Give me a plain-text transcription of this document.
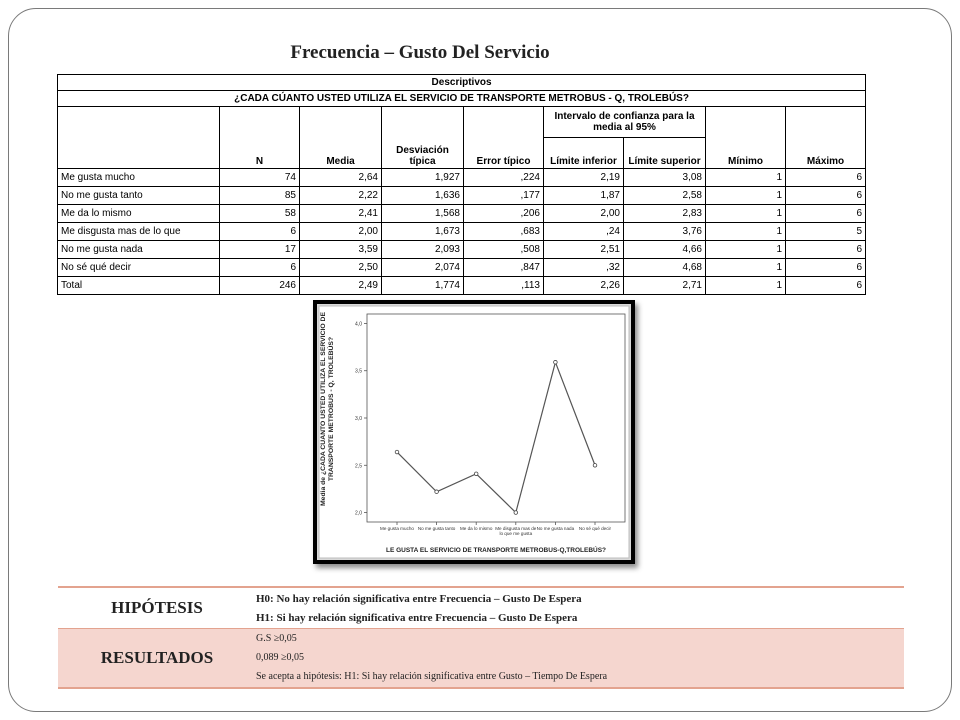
Frecuencia – Gusto Del Servicio
Descriptivos								
¿CADA CÚANTO USTED UTILIZA EL SERVICIO DE TRANSPORTE METROBUS - Q, TROLEBÚS?								
	N	Media	Desviación típica	Error típico	Intervalo de confianza para la media al 95%		Mínimo	Máximo
					Límite inferior	Límite superior		
Me gusta mucho	74	2,64	1,927	,224	2,19	3,08	1	6
No me gusta tanto	85	2,22	1,636	,177	1,87	2,58	1	6
Me da lo mismo	58	2,41	1,568	,206	2,00	2,83	1	6
Me disgusta mas de lo que	6	2,00	1,673	,683	,24	3,76	1	5
No me gusta nada	17	3,59	2,093	,508	2,51	4,66	1	6
No sé qué decir	6	2,50	2,074	,847	,32	4,68	1	6
Total	246	2,49	1,774	,113	2,26	2,71	1	6
2,0
2,5
3,0
3,5
4,0
Me gusta mucho No me gusta tanto	Me da lo mismo Me disgusta mas de lo que me gusta
No me gusta nada	No sé qué decir
LE GUSTA EL SERVICIO DE TRANSPORTE METROBUS-Q,TROLEBÚS?
Media de ¿CADA CÚANTO USTED UTILIZA EL SERVICIO DE TRANSPORTE METROBUS - Q, TROLEBÚS?
HIPÓTESIS	H0: No hay relación significativa entre Frecuencia – Gusto De Espera

H1: Si hay relación significativa entre Frecuencia – Gusto De Espera

RESULTADOS

G.S ≥0,05

0,089 ≥0,05

Se acepta a hipótesis: H1: Si hay relación significativa entre Gusto – Tiempo De Espera
